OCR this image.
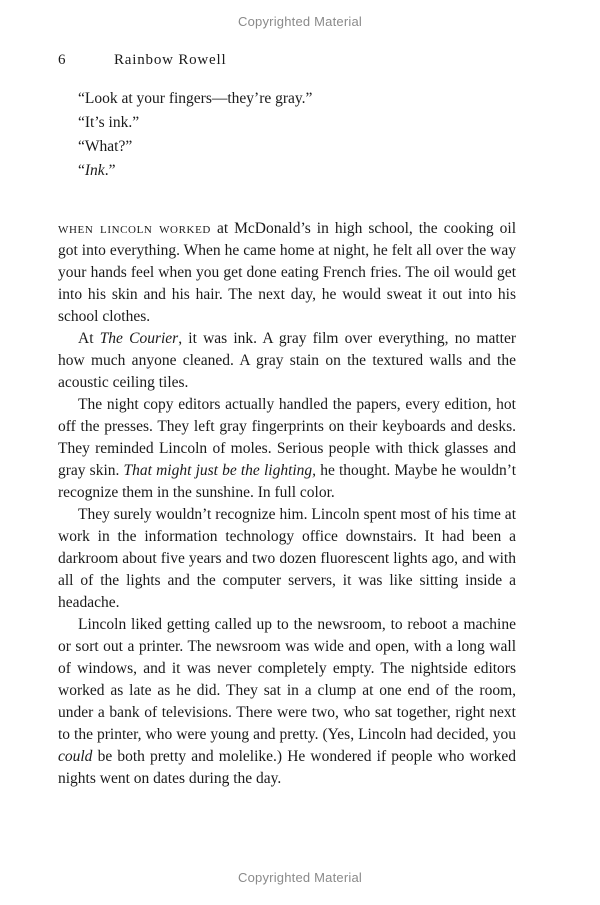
Copyrighted Material
6	Rainbow Rowell

“Look at your fingers—they’re gray.”

“It’s ink.”

“What?”

“Ink.”

when lincoln worked at McDonald’s in high school, the cooking oil got into everything. When he came home at night, he felt all over the way your hands feel when you get done eating French fries. The oil would get into his skin and his hair. The next day, he would sweat it out into his school clothes.

At The Courier, it was ink. A gray film over everything, no matter how much anyone cleaned. A gray stain on the textured walls and the acoustic ceiling tiles.

The night copy editors actually handled the papers, every edition, hot off the presses. They left gray fingerprints on their keyboards and desks. They reminded Lincoln of moles. Serious people with thick glasses and gray skin. That might just be the lighting, he thought. Maybe he wouldn’t recognize them in the sunshine. In full color.

They surely wouldn’t recognize him. Lincoln spent most of his time at work in the information technology office downstairs. It had been a darkroom about five years and two dozen fluorescent lights ago, and with all of the lights and the computer servers, it was like sitting inside a headache.

Lincoln liked getting called up to the newsroom, to reboot a machine or sort out a printer. The newsroom was wide and open, with a long wall of windows, and it was never completely empty. The nightside editors worked as late as he did. They sat in a clump at one end of the room, under a bank of televisions. There were two, who sat together, right next to the printer, who were young and pretty. (Yes, Lincoln had decided, you could be both pretty and molelike.) He wondered if people who worked nights went on dates during the day.

Copyrighted Material
